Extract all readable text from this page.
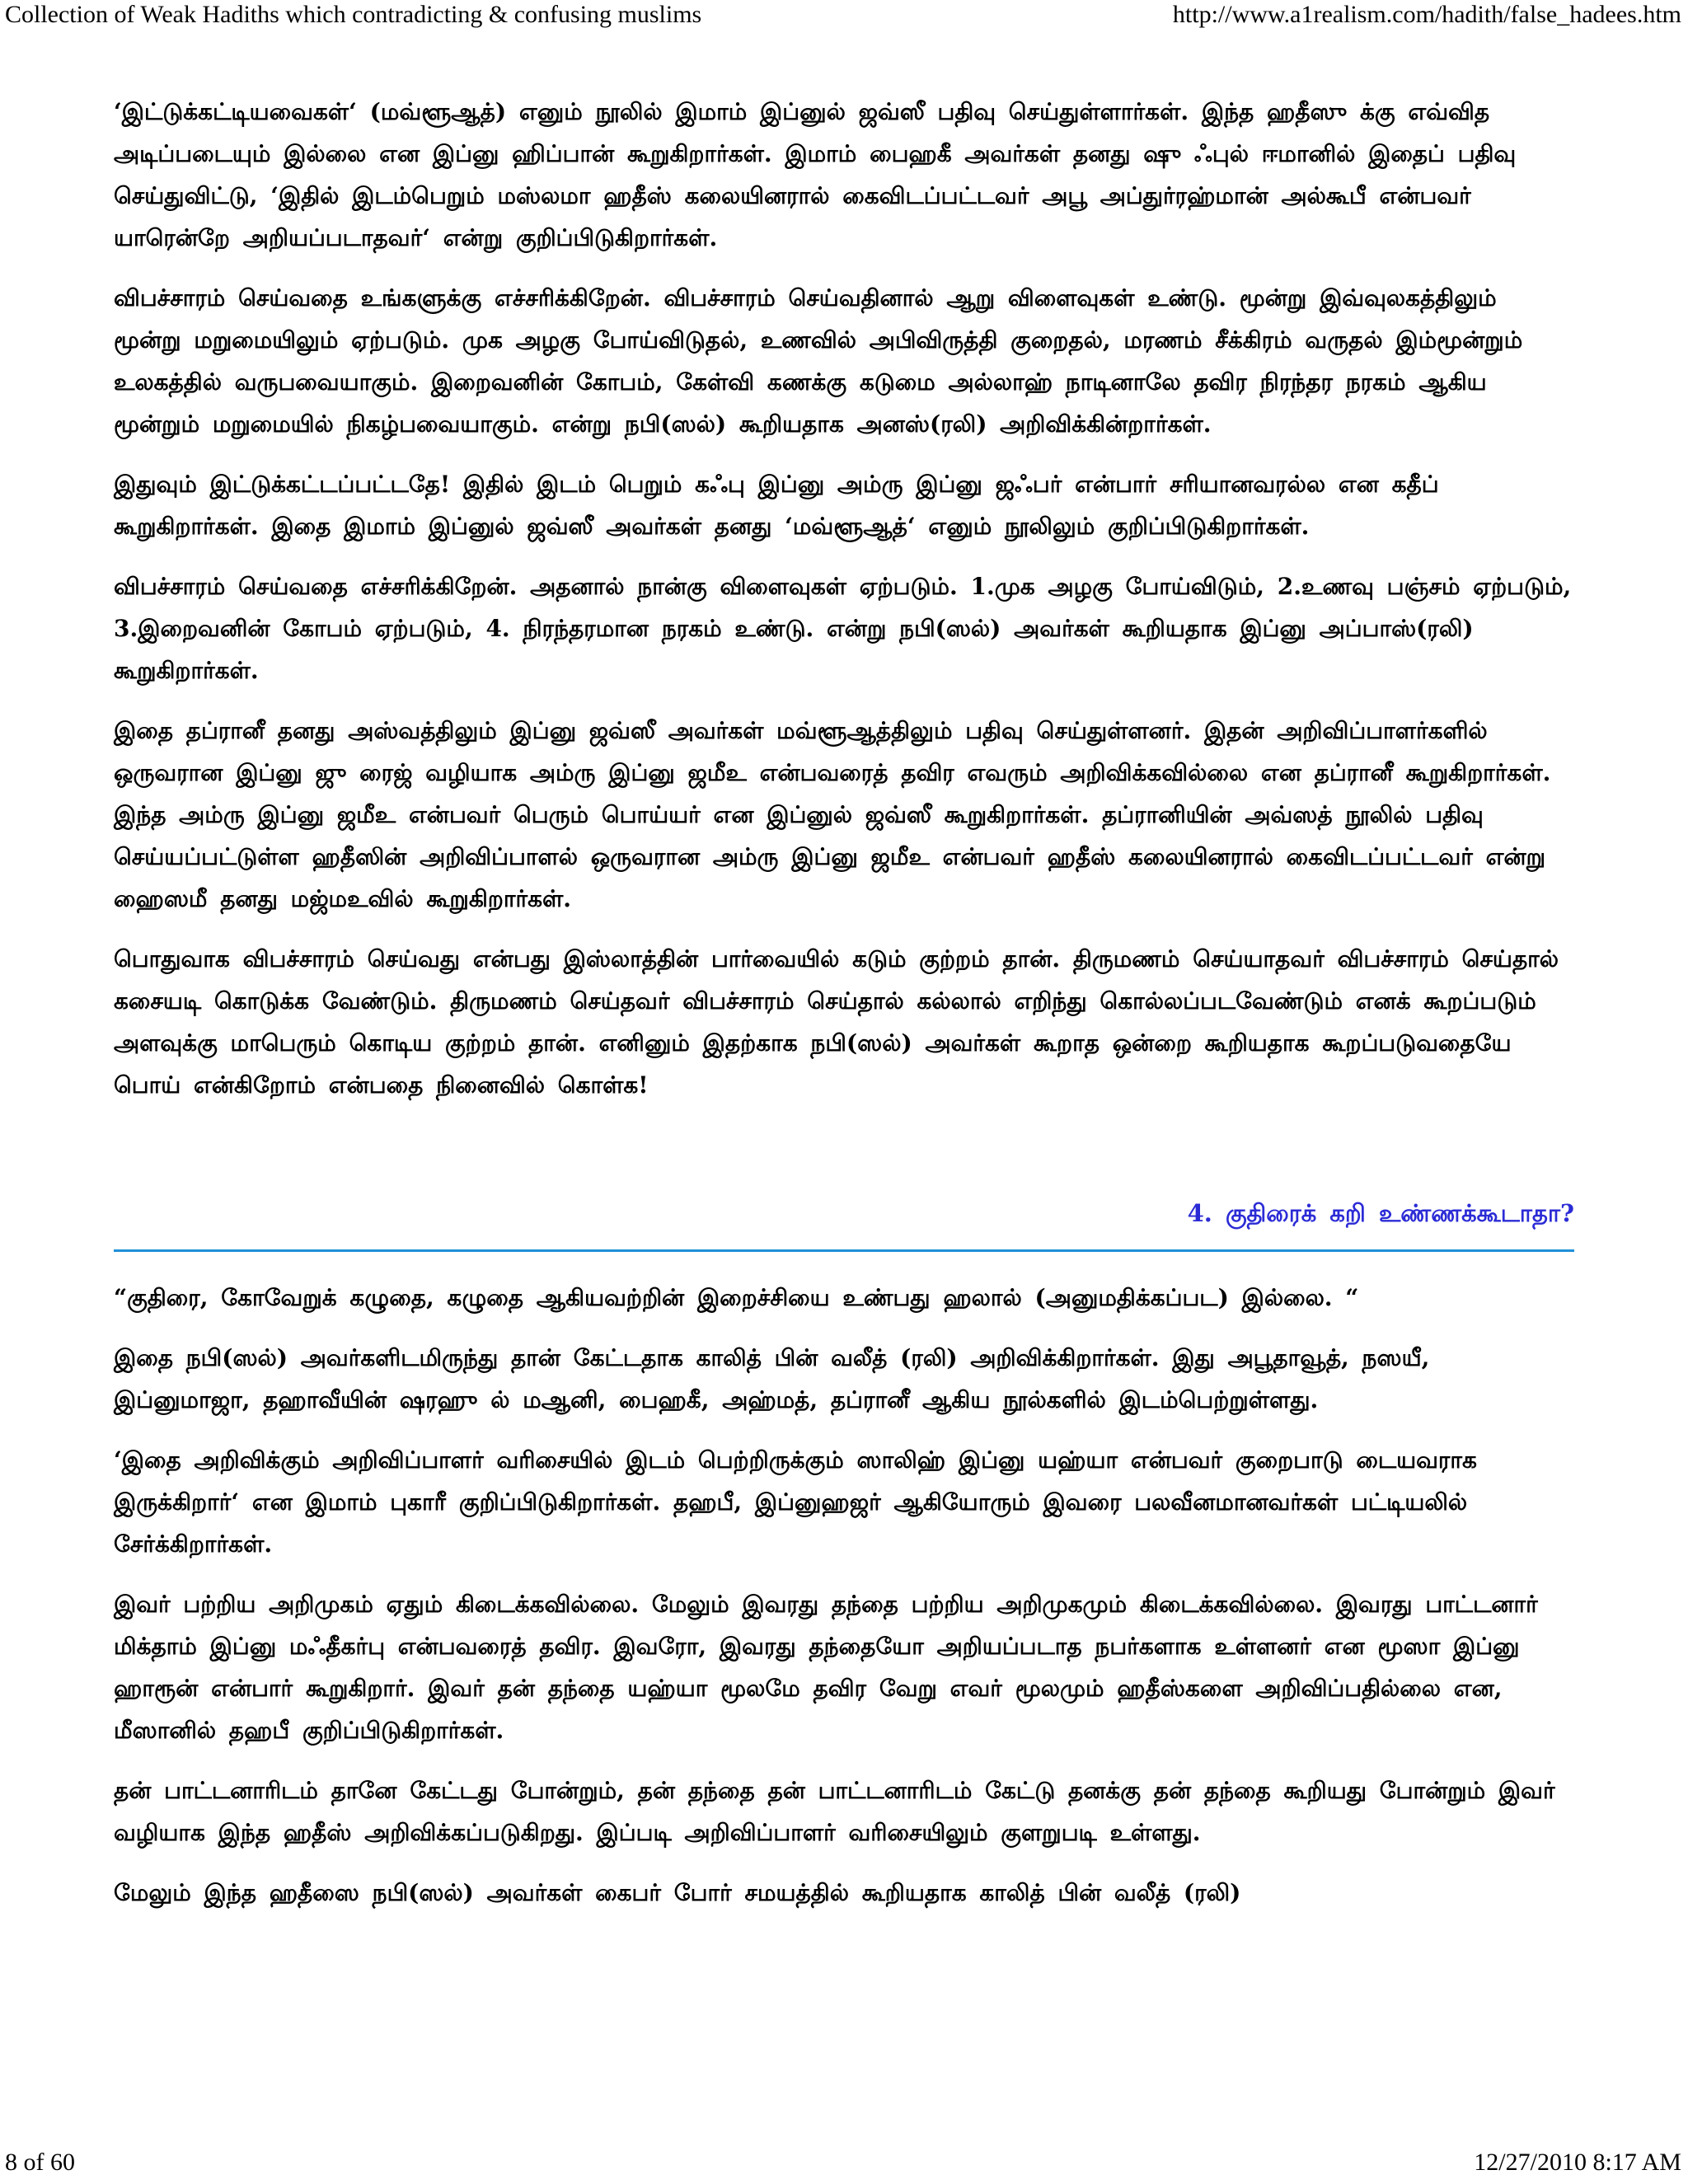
Collection of Weak Hadiths which contradicting & confusing muslims	http://www.a1realism.com/hadith/false_hadees.htm

‘இட்டுக்கட்டியவைகள்‘ (மவ்ளூஆத்) எனும் நூலில் இமாம் இப்னுல் ஜவ்ஸீ பதிவு செய்துள்ளார்கள். இந்த ஹதீஸு க்கு எவ்வித அடிப்படையும் இல்லை என இப்னு ஹிப்பான் கூறுகிறார்கள். இமாம் பைஹகீ அவர்கள் தனது ஷு ஃபுல் ஈமானில் இதைப் பதிவு செய்துவிட்டு, ‘இதில் இடம்பெறும் மஸ்லமா ஹதீஸ் கலையினரால் கைவிடப்பட்டவர் அபூ அப்துர்ரஹ்மான் அல்கூபீ என்பவர் யாரென்றே அறியப்படாதவர்‘ என்று குறிப்பிடுகிறார்கள்.

விபச்சாரம் செய்வதை உங்களுக்கு எச்சரிக்கிறேன். விபச்சாரம் செய்வதினால் ஆறு விளைவுகள் உண்டு. மூன்று இவ்வுலகத்திலும் மூன்று மறுமையிலும் ஏற்படும். முக அழகு போய்விடுதல், உணவில் அபிவிருத்தி குறைதல், மரணம் சீக்கிரம் வருதல் இம்மூன்றும் உலகத்தில் வருபவையாகும். இறைவனின் கோபம், கேள்வி கணக்கு கடுமை அல்லாஹ் நாடினாலே தவிர நிரந்தர நரகம் ஆகிய மூன்றும் மறுமையில் நிகழ்பவையாகும். என்று நபி(ஸல்) கூறியதாக அனஸ்(ரலி) அறிவிக்கின்றார்கள்.

இதுவும் இட்டுக்கட்டப்பட்டதே! இதில் இடம் பெறும் கஃபு இப்னு அம்ரு இப்னு ஜஃபர் என்பார் சரியானவரல்ல என கதீப் கூறுகிறார்கள். இதை இமாம் இப்னுல் ஜவ்ஸீ அவர்கள் தனது ‘மவ்ளூஆத்‘ எனும் நூலிலும் குறிப்பிடுகிறார்கள்.

விபச்சாரம் செய்வதை எச்சரிக்கிறேன். அதனால் நான்கு விளைவுகள் ஏற்படும். 1.முக அழகு போய்விடும், 2.உணவு பஞ்சம் ஏற்படும், 3.இறைவனின் கோபம் ஏற்படும், 4. நிரந்தரமான நரகம் உண்டு. என்று நபி(ஸல்) அவர்கள் கூறியதாக இப்னு அப்பாஸ்(ரலி) கூறுகிறார்கள்.

இதை தப்ரானீ தனது அஸ்வத்திலும் இப்னு ஜவ்ஸீ அவர்கள் மவ்ளூஆத்திலும் பதிவு செய்துள்ளனர். இதன் அறிவிப்பாளர்களில் ஒருவரான இப்னு ஜு ரைஜ் வழியாக அம்ரு இப்னு ஜமீஉ என்பவரைத் தவிர எவரும் அறிவிக்கவில்லை என தப்ரானீ கூறுகிறார்கள். இந்த அம்ரு இப்னு ஜமீஉ என்பவர் பெரும் பொய்யர் என இப்னுல் ஜவ்ஸீ கூறுகிறார்கள். தப்ரானியின் அவ்ஸத் நூலில் பதிவு செய்யப்பட்டுள்ள ஹதீஸின் அறிவிப்பாளல் ஒருவரான அம்ரு இப்னு ஜமீஉ என்பவர் ஹதீஸ் கலையினரால் கைவிடப்பட்டவர் என்று ஹைஸமீ தனது மஜ்மஉவில் கூறுகிறார்கள்.

பொதுவாக விபச்சாரம் செய்வது என்பது இஸ்லாத்தின் பார்வையில் கடும் குற்றம் தான். திருமணம் செய்யாதவர் விபச்சாரம் செய்தால் கசையடி கொடுக்க வேண்டும். திருமணம் செய்தவர் விபச்சாரம் செய்தால் கல்லால் எறிந்து கொல்லப்படவேண்டும் எனக் கூறப்படும் அளவுக்கு மாபெரும் கொடிய குற்றம் தான். எனினும் இதற்காக நபி(ஸல்) அவர்கள் கூறாத ஒன்றை கூறியதாக கூறப்படுவதையே பொய் என்கிறோம் என்பதை நினைவில் கொள்க!

4. குதிரைக் கறி உண்ணக்கூடாதா?

“குதிரை, கோவேறுக் கழுதை, கழுதை ஆகியவற்றின் இறைச்சியை உண்பது ஹலால் (அனுமதிக்கப்பட) இல்லை. “

இதை நபி(ஸல்) அவர்களிடமிருந்து தான் கேட்டதாக காலித் பின் வலீத் (ரலி) அறிவிக்கிறார்கள். இது அபூதாவூத், நஸயீ, இப்னுமாஜா, தஹாவீயின் ஷரஹு ல் மஆனி, பைஹகீ, அஹ்மத், தப்ரானீ ஆகிய நூல்களில் இடம்பெற்றுள்ளது.

‘இதை அறிவிக்கும் அறிவிப்பாளர் வரிசையில் இடம் பெற்றிருக்கும் ஸாலிஹ் இப்னு யஹ்யா என்பவர் குறைபாடு டையவராக இருக்கிறார்‘ என இமாம் புகாரீ குறிப்பிடுகிறார்கள். தஹபீ, இப்னுஹஜர் ஆகியோரும் இவரை பலவீனமானவர்கள் பட்டியலில் சேர்க்கிறார்கள்.

இவர் பற்றிய அறிமுகம் ஏதும் கிடைக்கவில்லை. மேலும் இவரது தந்தை பற்றிய அறிமுகமும் கிடைக்கவில்லை. இவரது பாட்டனார் மிக்தாம் இப்னு மஃதீகர்பு என்பவரைத் தவிர. இவரோ, இவரது தந்தையோ அறியப்படாத நபர்களாக உள்ளனர் என மூஸா இப்னு ஹாரூன் என்பார் கூறுகிறார். இவர் தன் தந்தை யஹ்யா மூலமே தவிர வேறு எவர் மூலமும் ஹதீஸ்களை அறிவிப்பதில்லை என, மீஸானில் தஹபீ குறிப்பிடுகிறார்கள்.

தன் பாட்டனாரிடம் தானே கேட்டது போன்றும், தன் தந்தை தன் பாட்டனாரிடம் கேட்டு தனக்கு தன் தந்தை கூறியது போன்றும் இவர் வழியாக இந்த ஹதீஸ் அறிவிக்கப்படுகிறது. இப்படி அறிவிப்பாளர் வரிசையிலும் குளறுபடி உள்ளது.

மேலும் இந்த ஹதீஸை நபி(ஸல்) அவர்கள் கைபர் போர் சமயத்தில் கூறியதாக காலித் பின் வலீத் (ரலி)

8 of 60	12/27/2010 8:17 AM
